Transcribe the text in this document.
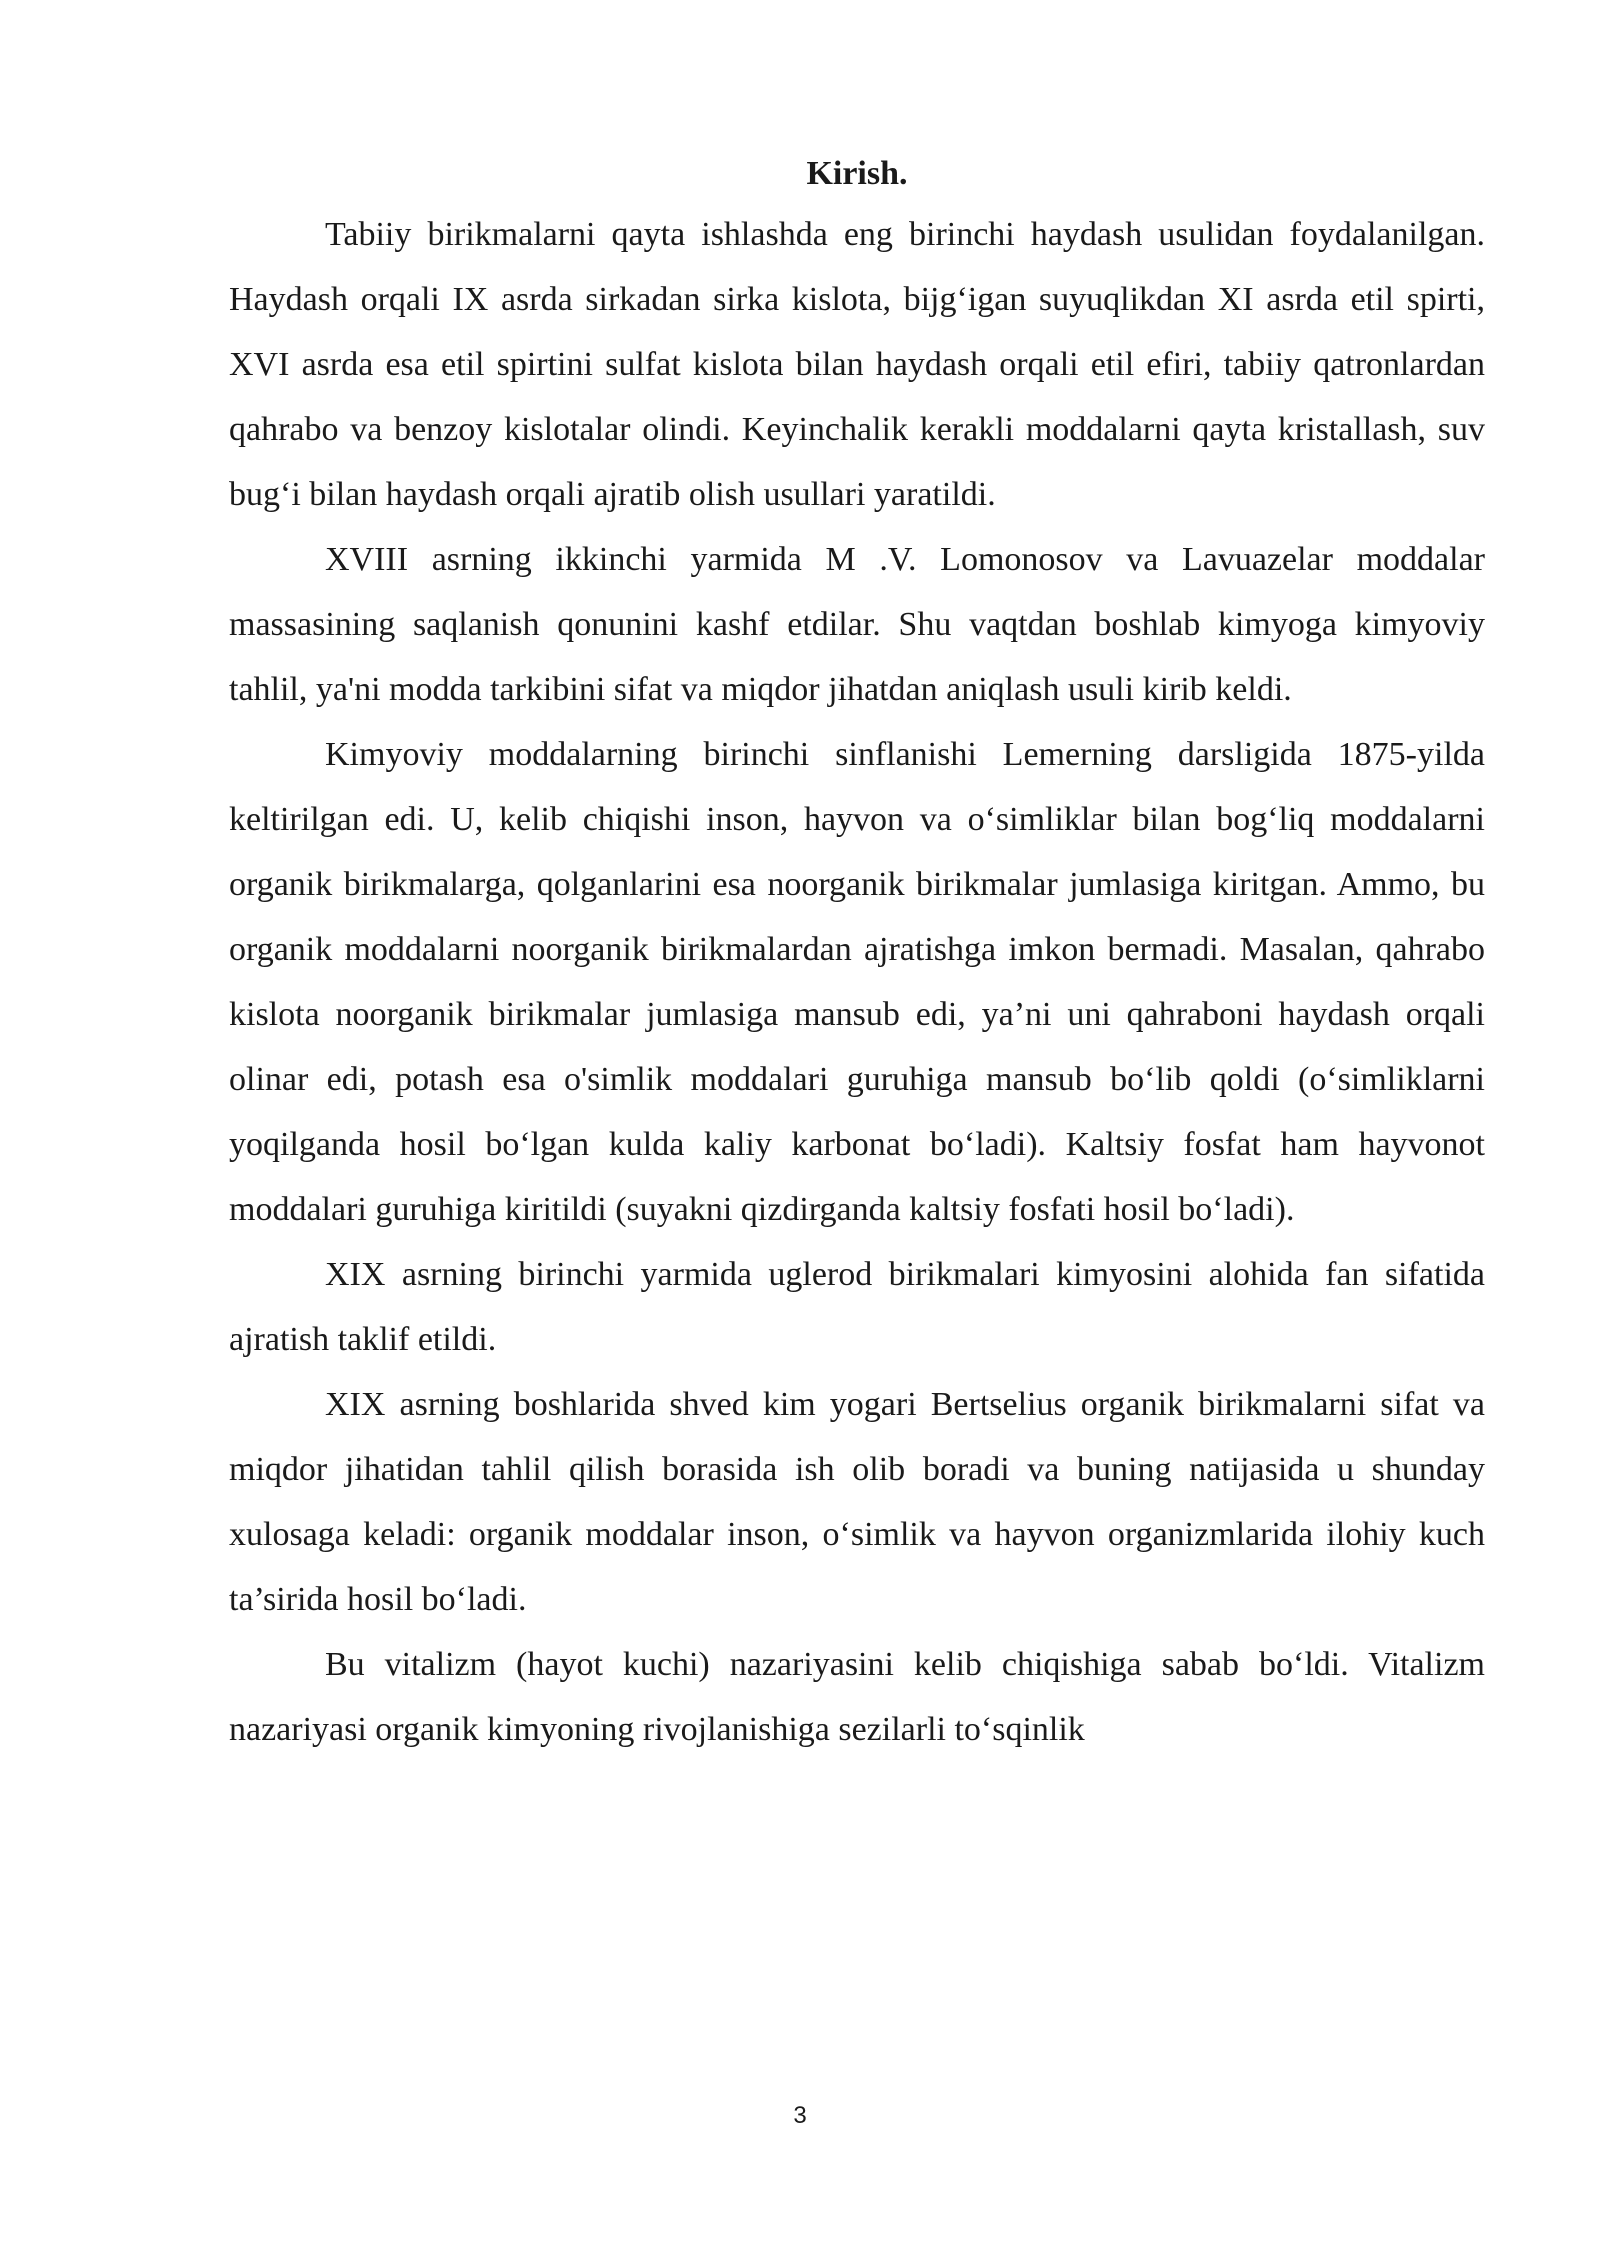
Kirish.

Tabiiy birikmalarni qayta ishlashda eng birinchi haydash usulidan foydalanilgan. Haydash orqali IX asrda sirkadan sirka kislota, bijg‘igan suyuqlikdan XI asrda etil spirti, XVI asrda esa etil spirtini sulfat kislota bilan haydash orqali etil efiri, tabiiy qatronlardan qahrabo va benzoy kislotalar olindi. Keyinchalik kerakli moddalarni qayta kristallash, suv bug‘i bilan haydash orqali ajratib olish usullari yaratildi.

XVIII asrning ikkinchi yarmida M .V. Lomonosov va Lavuazelar moddalar massasining saqlanish qonunini kashf etdilar. Shu vaqtdan boshlab kimyoga kimyoviy tahlil, ya'ni modda tarkibini sifat va miqdor jihatdan aniqlash usuli kirib keldi.

Kimyoviy moddalarning birinchi sinflanishi Lemerning darsligida 1875-yilda keltirilgan edi. U, kelib chiqishi inson, hayvon va o‘simliklar bilan bog‘liq moddalarni organik birikmalarga, qolganlarini esa noorganik birikmalar jumlasiga kiritgan. Ammo, bu organik moddalarni noorganik birikmalardan ajratishga imkon bermadi. Masalan, qahrabo kislota noorganik birikmalar jumlasiga mansub edi, ya’ni uni qahraboni haydash orqali olinar edi, potash esa o'simlik moddalari guruhiga mansub bo‘lib qoldi (o‘simliklarni yoqilganda hosil bo‘lgan kulda kaliy karbonat bo‘ladi). Kaltsiy fosfat ham hayvonot moddalari guruhiga kiritildi (suyakni qizdirganda kaltsiy fosfati hosil bo‘ladi).

XIX asrning birinchi yarmida uglerod birikmalari kimyosini alohida fan sifatida ajratish taklif etildi.

XIX asrning boshlarida shved kim yogari Bertselius organik birikmalarni sifat va miqdor jihatidan tahlil qilish borasida ish olib boradi va buning natijasida u shunday xulosaga keladi: organik moddalar inson, o‘simlik va hayvon organizmlarida ilohiy kuch ta’sirida hosil bo‘ladi.

Bu vitalizm (hayot kuchi) nazariyasini kelib chiqishiga sabab bo‘ldi. Vitalizm nazariyasi organik kimyoning rivojlanishiga sezilarli to‘sqinlik

3
